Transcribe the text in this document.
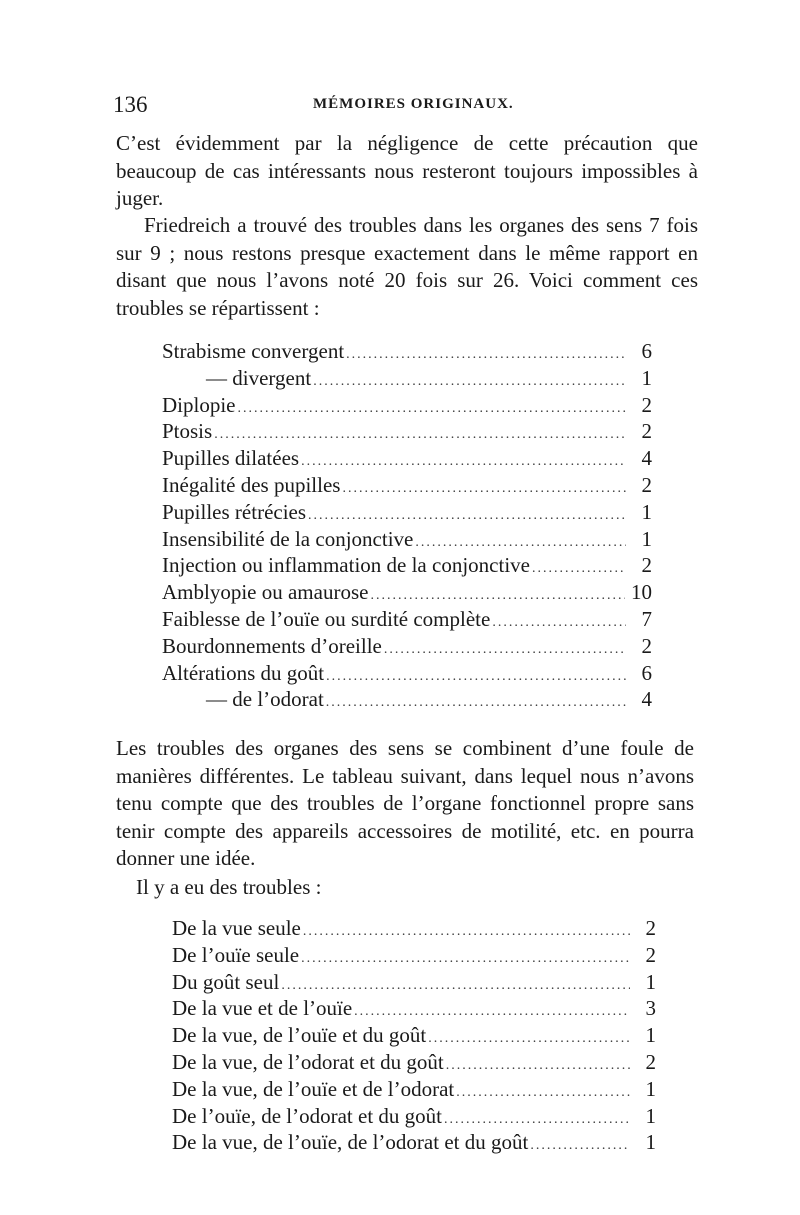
136	MÉMOIRES ORIGINAUX.

C’est évidemment par la négligence de cette précaution que beaucoup de cas intéressants nous resteront toujours impossibles à juger.

Friedreich a trouvé des troubles dans les organes des sens 7 fois sur 9 ; nous restons presque exactement dans le même rapport en disant que nous l’avons noté 20 fois sur 26. Voici comment ces troubles se répartissent :

Strabisme convergent .....	6
— divergent .....	1
Diplopie .....	2
Ptosis .....	2
Pupilles dilatées .....	4
Inégalité des pupilles .....	2
Pupilles rétrécies .....	1
Insensibilité de la conjonctive .....	1
Injection ou inflammation de la conjonctive .....	2
Amblyopie ou amaurose .....	10
Faiblesse de l’ouïe ou surdité complète .....	7
Bourdonnements d’oreille .....	2
Altérations du goût .....	6
— de l’odorat .....	4

Les troubles des organes des sens se combinent d’une foule de manières différentes. Le tableau suivant, dans lequel nous n’avons tenu compte que des troubles de l’organe fonctionnel propre sans tenir compte des appareils accessoires de motilité, etc. en pourra donner une idée.

Il y a eu des troubles :

De la vue seule .....	2
De l’ouïe seule .....	2
Du goût seul .....	1
De la vue et de l’ouïe .....	3
De la vue, de l’ouïe et du goût .....	1
De la vue, de l’odorat et du goût .....	2
De la vue, de l’ouïe et de l’odorat .....	1
De l’ouïe, de l’odorat et du goût .....	1
De la vue, de l’ouïe, de l’odorat et du goût .....	1
